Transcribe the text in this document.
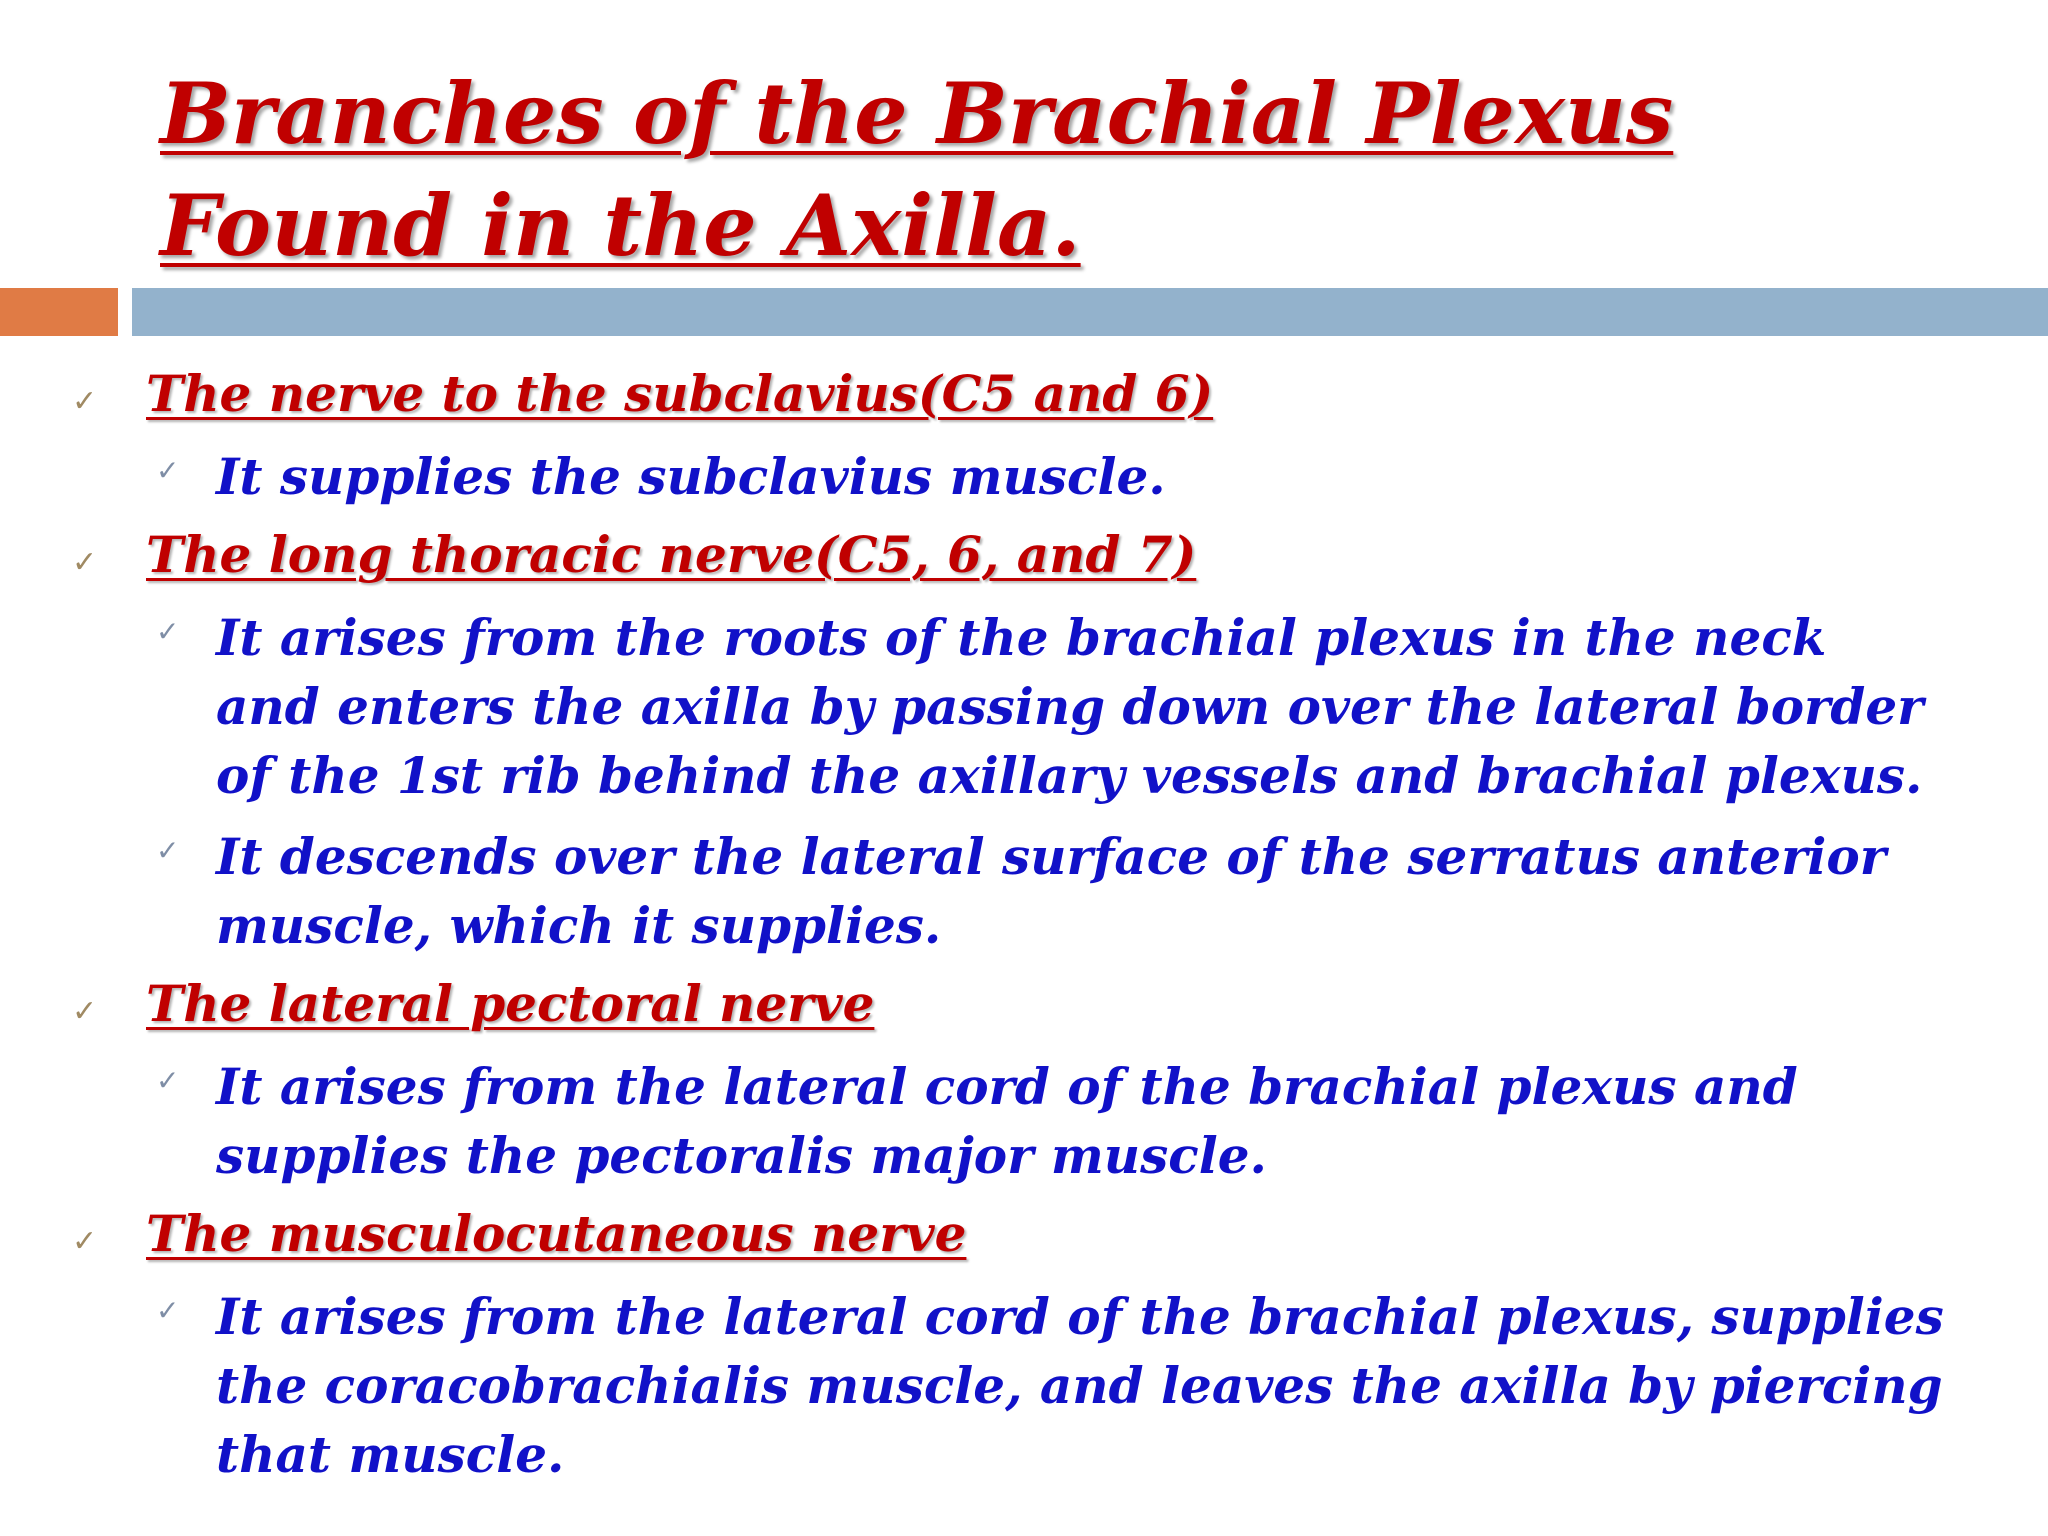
Branches of the Brachial Plexus Found in the Axilla.
✓ The nerve to the subclavius(C5 and 6)
✓ It supplies the subclavius muscle.
✓ The long thoracic nerve(C5, 6, and 7)
✓ It arises from the roots of the brachial plexus in the neck and enters the axilla by passing down over the lateral border of the 1st rib behind the axillary vessels and brachial plexus.
✓ It descends over the lateral surface of the serratus anterior muscle, which it supplies.
✓ The lateral pectoral nerve
✓ It arises from the lateral cord of the brachial plexus and supplies the pectoralis major muscle.
✓ The musculocutaneous nerve
✓ It arises from the lateral cord of the brachial plexus, supplies the coracobrachialis muscle, and leaves the axilla by piercing that muscle.
